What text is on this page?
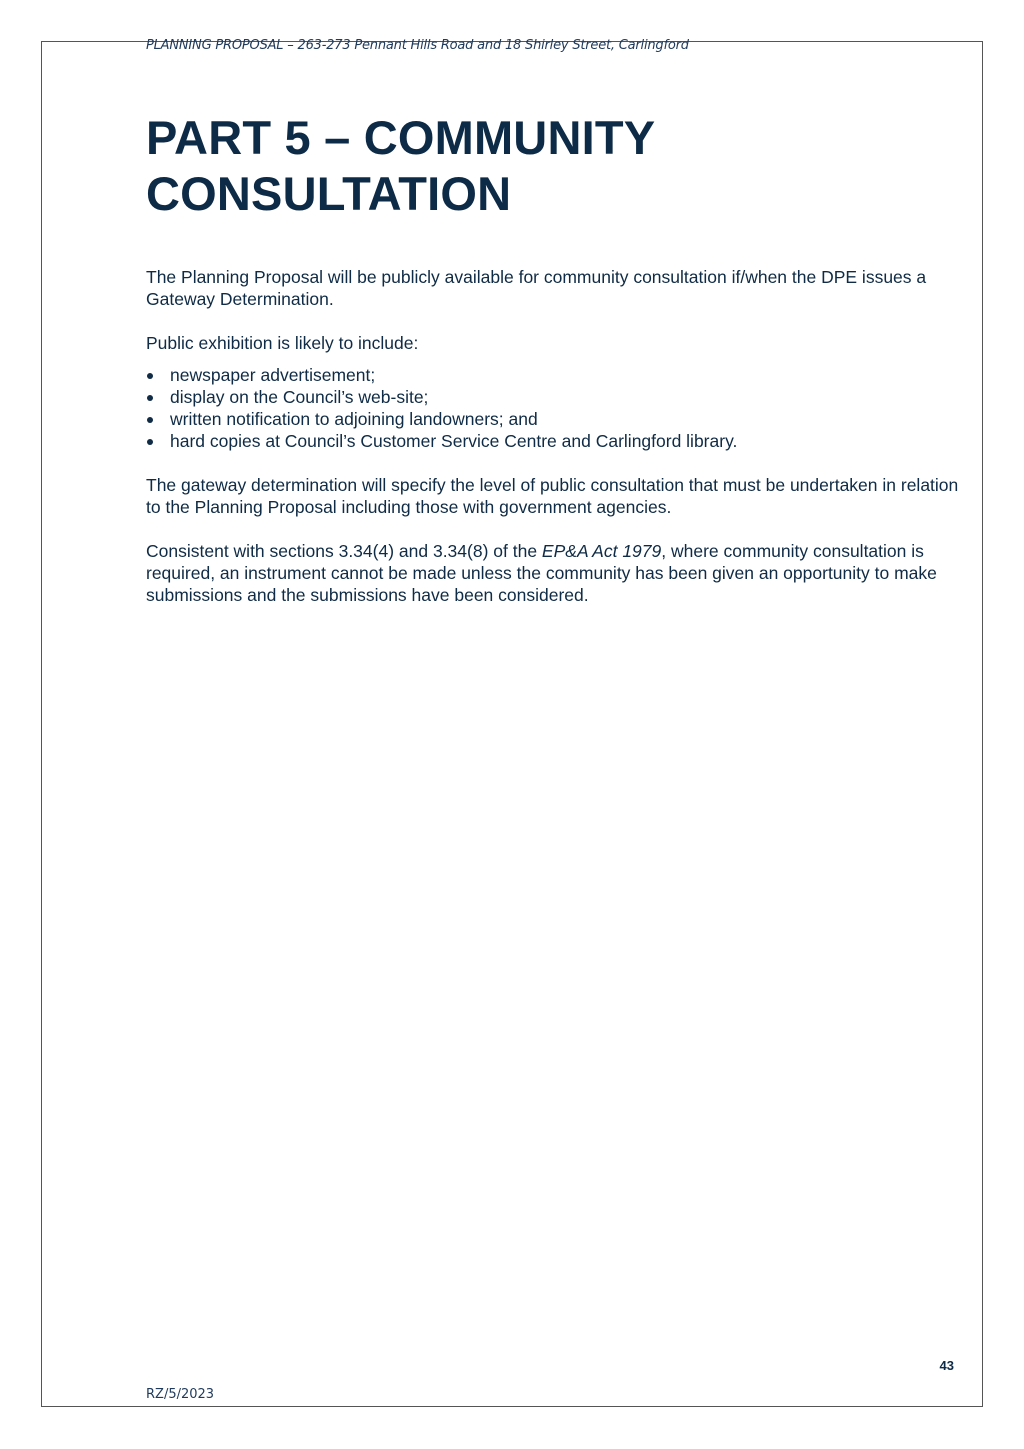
PLANNING PROPOSAL – 263-273 Pennant Hills Road and 18 Shirley Street, Carlingford
PART 5 – COMMUNITY
CONSULTATION

The Planning Proposal will be publicly available for community consultation if/when the DPE issues a Gateway Determination.

Public exhibition is likely to include:

newspaper advertisement;
display on the Council’s web-site;
written notification to adjoining landowners; and
hard copies at Council’s Customer Service Centre and Carlingford library.

The gateway determination will specify the level of public consultation that must be undertaken in relation to the Planning Proposal including those with government agencies.

Consistent with sections 3.34(4) and 3.34(8) of the EP&A Act 1979, where community consultation is required, an instrument cannot be made unless the community has been given an opportunity to make submissions and the submissions have been considered.

43
RZ/5/2023
